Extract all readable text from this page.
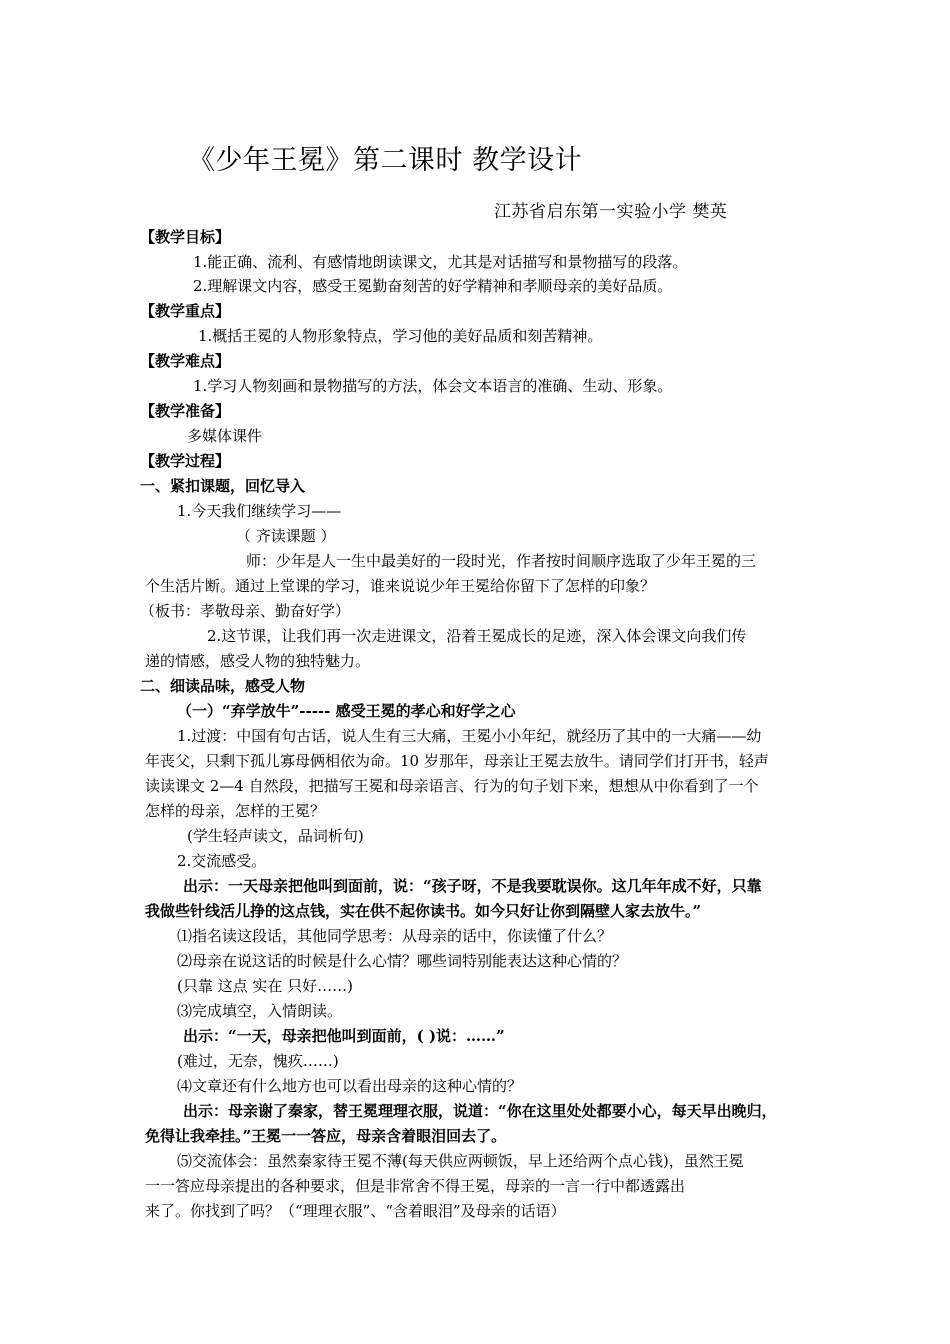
《少年王冕》第二课时 教学设计
江苏省启东第一实验小学 樊英
【教学目标】
1.能正确、流利、有感情地朗读课文，尤其是对话描写和景物描写的段落。
2.理解课文内容，感受王冕勤奋刻苦的好学精神和孝顺母亲的美好品质。
【教学重点】
1.概括王冕的人物形象特点，学习他的美好品质和刻苦精神。
【教学难点】
1.学习人物刻画和景物描写的方法，体会文本语言的准确、生动、形象。
【教学准备】
多媒体课件
【教学过程】
一、紧扣课题，回忆导入
1.今天我们继续学习——
（ 齐读课题 ）
师：少年是人一生中最美好的一段时光，作者按时间顺序选取了少年王冕的三
个生活片断。通过上堂课的学习，谁来说说少年王冕给你留下了怎样的印象？
（板书：孝敬母亲、勤奋好学）
2.这节课，让我们再一次走进课文，沿着王冕成长的足迹，深入体会课文向我们传
递的情感，感受人物的独特魅力。
二、细读品味，感受人物
（一）“弃学放牛”----- 感受王冕的孝心和好学之心
1.过渡：中国有句古话，说人生有三大痛，王冕小小年纪，就经历了其中的一大痛——幼
年丧父，只剩下孤儿寡母俩相依为命。10 岁那年，母亲让王冕去放牛。请同学们打开书，轻声
读读课文 2—4 自然段，把描写王冕和母亲语言、行为的句子划下来，想想从中你看到了一个
怎样的母亲，怎样的王冕？
(学生轻声读文，品词析句)
2.交流感受。
出示：一天母亲把他叫到面前，说：“孩子呀，不是我要耽误你。这几年年成不好，只靠
我做些针线活儿挣的这点钱，实在供不起你读书。如今只好让你到隔壁人家去放牛。”
⑴指名读这段话，其他同学思考：从母亲的话中，你读懂了什么？
⑵母亲在说这话的时候是什么心情？哪些词特别能表达这种心情的？
(只靠 这点 实在 只好……)
⑶完成填空，入情朗读。
出示：“一天，母亲把他叫到面前，( )说：……”
(难过，无奈，愧疚……)
⑷文章还有什么地方也可以看出母亲的这种心情的？
出示：母亲谢了秦家，替王冕理理衣服，说道：“你在这里处处都要小心，每天早出晚归，
免得让我牵挂。”王冕一一答应，母亲含着眼泪回去了。
⑸交流体会：虽然秦家待王冕不薄(每天供应两顿饭，早上还给两个点心钱)，虽然王冕
一一答应母亲提出的各种要求，但是非常舍不得王冕，母亲的一言一行中都透露出
来了。你找到了吗？（“理理衣服”、“含着眼泪”及母亲的话语）
